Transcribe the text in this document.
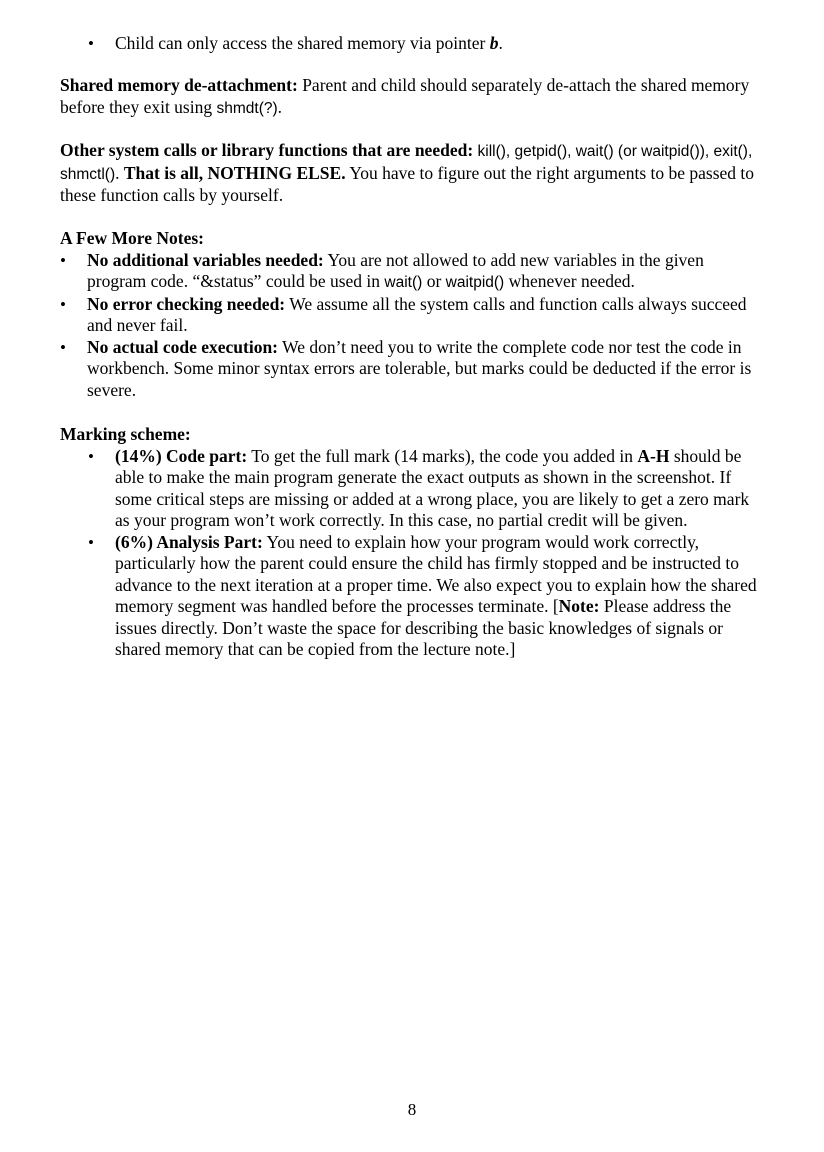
• Child can only access the shared memory via pointer b.
Shared memory de-attachment: Parent and child should separately de-attach the shared memory before they exit using shmdt(?).
Other system calls or library functions that are needed: kill(), getpid(), wait() (or waitpid()), exit(), shmctl(). That is all, NOTHING ELSE. You have to figure out the right arguments to be passed to these function calls by yourself.
A Few More Notes:
• No additional variables needed: You are not allowed to add new variables in the given program code. “&status” could be used in wait() or waitpid() whenever needed.
• No error checking needed: We assume all the system calls and function calls always succeed and never fail.
• No actual code execution: We don’t need you to write the complete code nor test the code in workbench. Some minor syntax errors are tolerable, but marks could be deducted if the error is severe.
Marking scheme:
• (14%) Code part: To get the full mark (14 marks), the code you added in A-H should be able to make the main program generate the exact outputs as shown in the screenshot. If some critical steps are missing or added at a wrong place, you are likely to get a zero mark as your program won’t work correctly. In this case, no partial credit will be given.
• (6%) Analysis Part: You need to explain how your program would work correctly, particularly how the parent could ensure the child has firmly stopped and be instructed to advance to the next iteration at a proper time. We also expect you to explain how the shared memory segment was handled before the processes terminate. [Note: Please address the issues directly. Don’t waste the space for describing the basic knowledges of signals or shared memory that can be copied from the lecture note.]
8
